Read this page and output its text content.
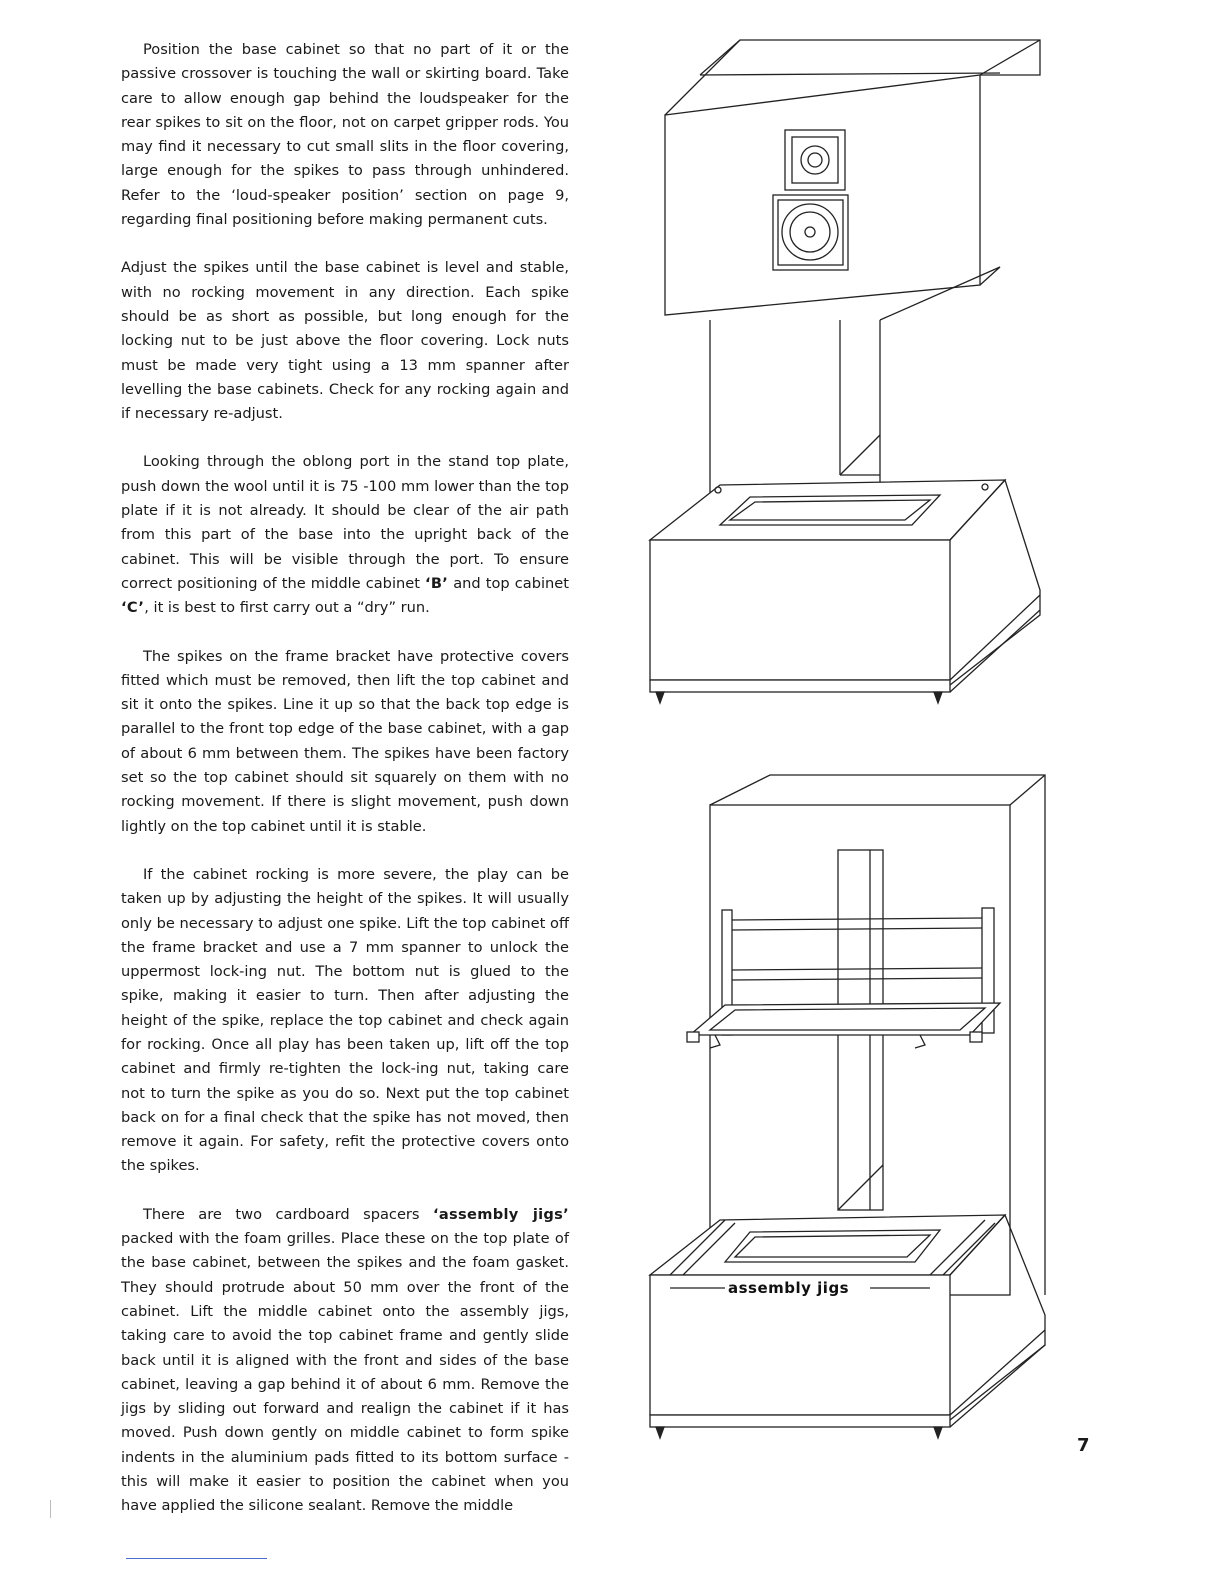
Position the base cabinet so that no part of it or the passive crossover is touching the wall or skirting board. Take care to allow enough gap behind the loudspeaker for the rear spikes to sit on the floor, not on carpet gripper rods. You may find it necessary to cut small slits in the floor covering, large enough for the spikes to pass through unhindered. Refer to the ‘loud-speaker position’ section on page 9, regarding final positioning before making permanent cuts.

Adjust the spikes until the base cabinet is level and stable, with no rocking movement in any direction. Each spike should be as short as possible, but long enough for the locking nut to be just above the floor covering. Lock nuts must be made very tight using a 13 mm spanner after levelling the base cabinets. Check for any rocking again and if necessary re-adjust.

Looking through the oblong port in the stand top plate, push down the wool until it is 75 -100 mm lower than the top plate if it is not already. It should be clear of the air path from this part of the base into the upright back of the cabinet. This will be visible through the port. To ensure correct positioning of the middle cabinet ‘B’ and top cabinet ‘C’, it is best to first carry out a “dry” run.

The spikes on the frame bracket have protective covers fitted which must be removed, then lift the top cabinet and sit it onto the spikes. Line it up so that the back top edge is parallel to the front top edge of the base cabinet, with a gap of about 6 mm between them. The spikes have been factory set so the top cabinet should sit squarely on them with no rocking movement. If there is slight movement, push down lightly on the top cabinet until it is stable.

If the cabinet rocking is more severe, the play can be taken up by adjusting the height of the spikes. It will usually only be necessary to adjust one spike. Lift the top cabinet off the frame bracket and use a 7 mm spanner to unlock the uppermost lock-ing nut. The bottom nut is glued to the spike, making it easier to turn. Then after adjusting the height of the spike, replace the top cabinet and check again for rocking. Once all play has been taken up, lift off the top cabinet and firmly re-tighten the lock-ing nut, taking care not to turn the spike as you do so. Next put the top cabinet back on for a final check that the spike has not moved, then remove it again. For safety, refit the protective covers onto the spikes.

There are two cardboard spacers ‘assembly jigs’ packed with the foam grilles. Place these on the top plate of the base cabinet, between the spikes and the foam gasket. They should protrude about 50 mm over the front of the cabinet. Lift the middle cabinet onto the assembly jigs, taking care to avoid the top cabinet frame and gently slide back until it is aligned with the front and sides of the base cabinet, leaving a gap behind it of about 6 mm. Remove the jigs by sliding out forward and realign the cabinet if it has moved. Push down gently on middle cabinet to form spike indents in the aluminium pads fitted to its bottom surface - this will make it easier to position the cabinet when you have applied the silicone sealant. Remove the middle

assembly jigs
7
